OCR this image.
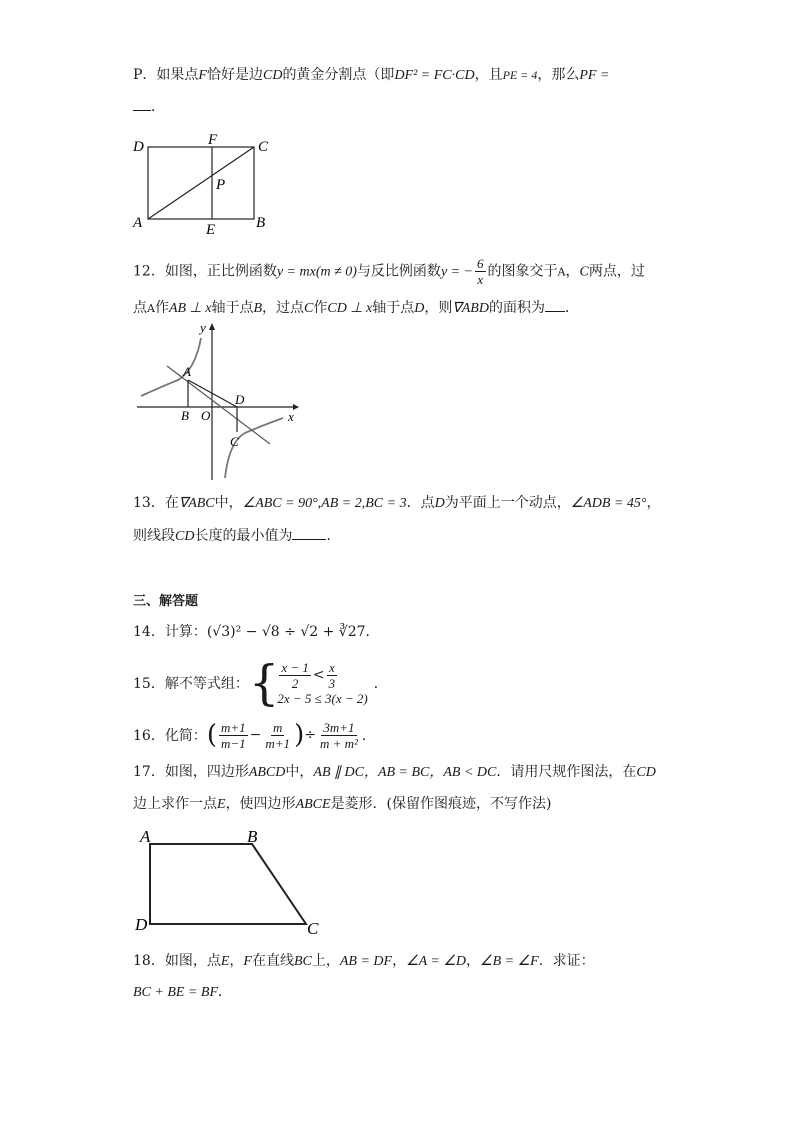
P．如果点F恰好是边CD的黄金分割点（即DF² = FC·CD，且PE = 4，那么PF =
．
D	F	C
P
A	E	B
12．如图，正比例函数y = mx(m ≠ 0)与反比例函数y = − $\frac{6}{x}$ 的图象交于A，C两点，过
点A作AB ⊥ x轴于点B，过点C作CD ⊥ x轴于点D，则∇ABD的面积为 ．
y
x
A
B O
D
C
13．在∇ABC中，∠ABC = 90°,AB = 2,BC = 3．点D为平面上一个动点，∠ADB = 45°，
则线段CD长度的最小值为 ．
三、解答题
14．计算：(√3)² − √8 ÷ √2 + ∛27．
15．解不等式组： { $\frac{x - 1}{2} < \frac{x}{3}$
2x − 5 ≤ 3(x − 2)
．
16．化简： ( $\frac{m+1}{m-1} - \frac{m}{m+1}$ ) ÷ $\frac{3m+1}{\text{m + m²}}$ ．
17．如图，四边形ABCD中，AB ∥ DC，AB = BC，AB < DC．请用尺规作图法，在CD
边上求作一点E，使四边形ABCE是菱形．(保留作图痕迹，不写作法)
A	B
D	C
18．如图，点E，F在直线BC上，AB = DF，∠A = ∠D，∠B = ∠F．求证：
BC + BE = BF．
